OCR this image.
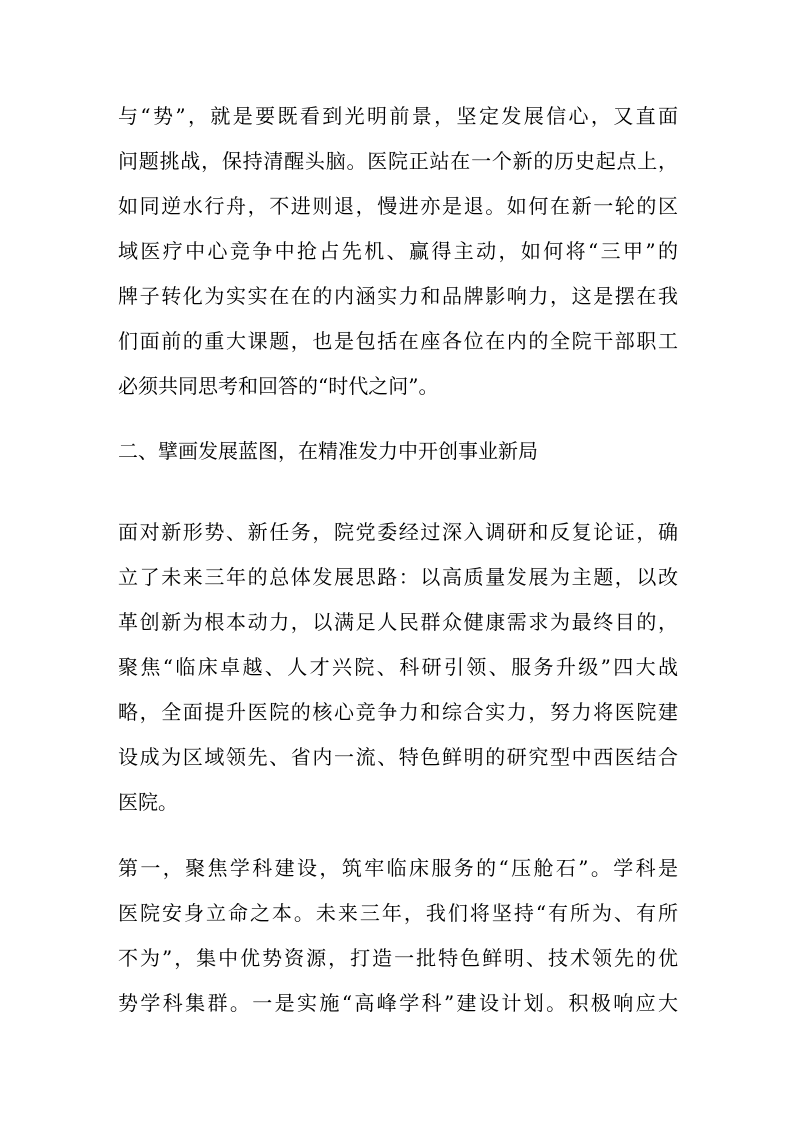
与“势”，就是要既看到光明前景，坚定发展信心，又直面
问题挑战，保持清醒头脑。医院正站在一个新的历史起点上，
如同逆水行舟，不进则退，慢进亦是退。如何在新一轮的区
域医疗中心竞争中抢占先机、赢得主动，如何将“三甲”的
牌子转化为实实在在的内涵实力和品牌影响力，这是摆在我
们面前的重大课题，也是包括在座各位在内的全院干部职工
必须共同思考和回答的“时代之问”。
二、擘画发展蓝图，在精准发力中开创事业新局
面对新形势、新任务，院党委经过深入调研和反复论证，确
立了未来三年的总体发展思路：以高质量发展为主题，以改
革创新为根本动力，以满足人民群众健康需求为最终目的，
聚焦“临床卓越、人才兴院、科研引领、服务升级”四大战
略，全面提升医院的核心竞争力和综合实力，努力将医院建
设成为区域领先、省内一流、特色鲜明的研究型中西医结合
医院。
第一，聚焦学科建设，筑牢临床服务的“压舱石”。学科是
医院安身立命之本。未来三年，我们将坚持“有所为、有所
不为”，集中优势资源，打造一批特色鲜明、技术领先的优
势学科集群。一是实施“高峰学科”建设计划。积极响应大
